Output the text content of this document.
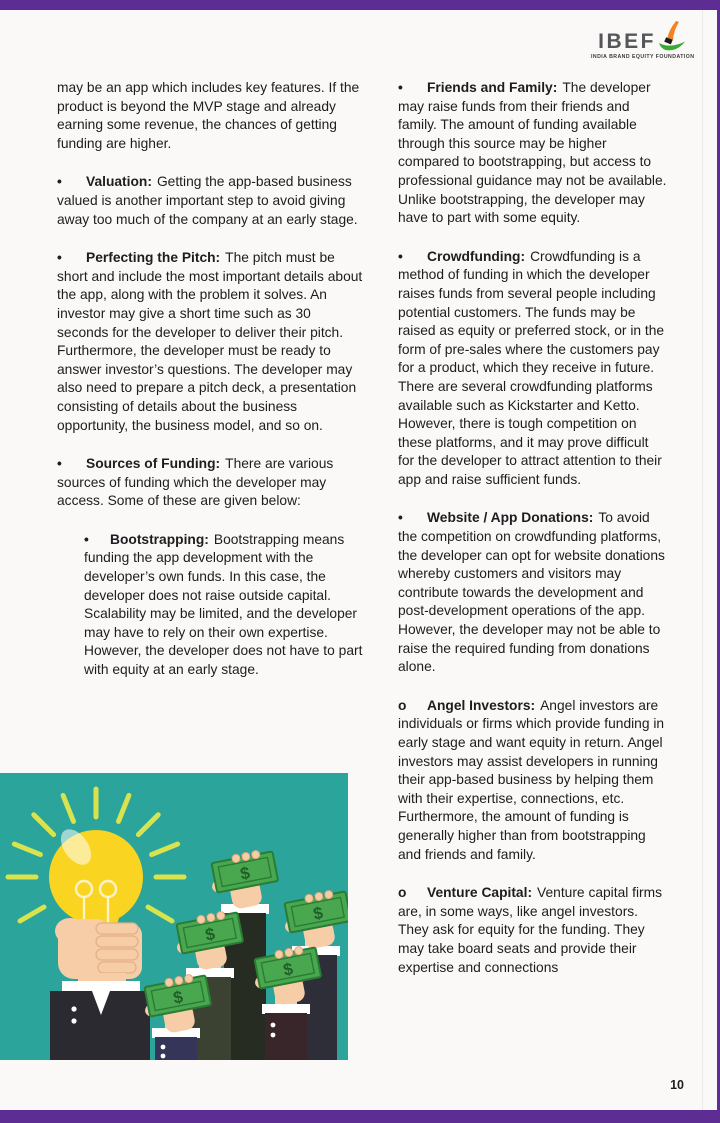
IBEF
INDIA BRAND EQUITY FOUNDATION

may be an app which includes key features. If the product is beyond the MVP stage and already earning some revenue, the chances of getting funding are higher.

• Valuation: Getting the app-based business valued is another important step to avoid giving away too much of the company at an early stage.

• Perfecting the Pitch: The pitch must be short and include the most important details about the app, along with the problem it solves. An investor may give a short time such as 30 seconds for the developer to deliver their pitch. Furthermore, the developer must be ready to answer investor’s questions. The developer may also need to prepare a pitch deck, a presentation consisting of details about the business opportunity, the business model, and so on.

• Sources of Funding: There are various sources of funding which the developer may access. Some of these are given below:

• Bootstrapping: Bootstrapping means funding the app development with the developer’s own funds. In this case, the developer does not raise outside capital. Scalability may be limited, and the developer may have to rely on their own expertise. However, the developer does not have to part with equity at an early stage.

• Friends and Family: The developer may raise funds from their friends and family. The amount of funding available through this source may be higher compared to bootstrapping, but access to professional guidance may not be available. Unlike bootstrapping, the developer may have to part with some equity.

• Crowdfunding: Crowdfunding is a method of funding in which the developer raises funds from several people including potential customers. The funds may be raised as equity or preferred stock, or in the form of pre-sales where the customers pay for a product, which they receive in future. There are several crowdfunding platforms available such as Kickstarter and Ketto. However, there is tough competition on these platforms, and it may prove difficult for the developer to attract attention to their app and raise sufficient funds.

• Website / App Donations: To avoid the competition on crowdfunding platforms, the developer can opt for website donations whereby customers and visitors may contribute towards the development and post-development operations of the app. However, the developer may not be able to raise the required funding from donations alone.

o Angel Investors: Angel investors are individuals or firms which provide funding in early stage and want equity in return. Angel investors may assist developers in running their app-based business by helping them with their expertise, connections, etc. Furthermore, the amount of funding is generally higher than from bootstrapping and friends and family.

o Venture Capital: Venture capital firms are, in some ways, like angel investors. They ask for equity for the funding. They may take board seats and provide their expertise and connections

$
$
$
$
$
10
